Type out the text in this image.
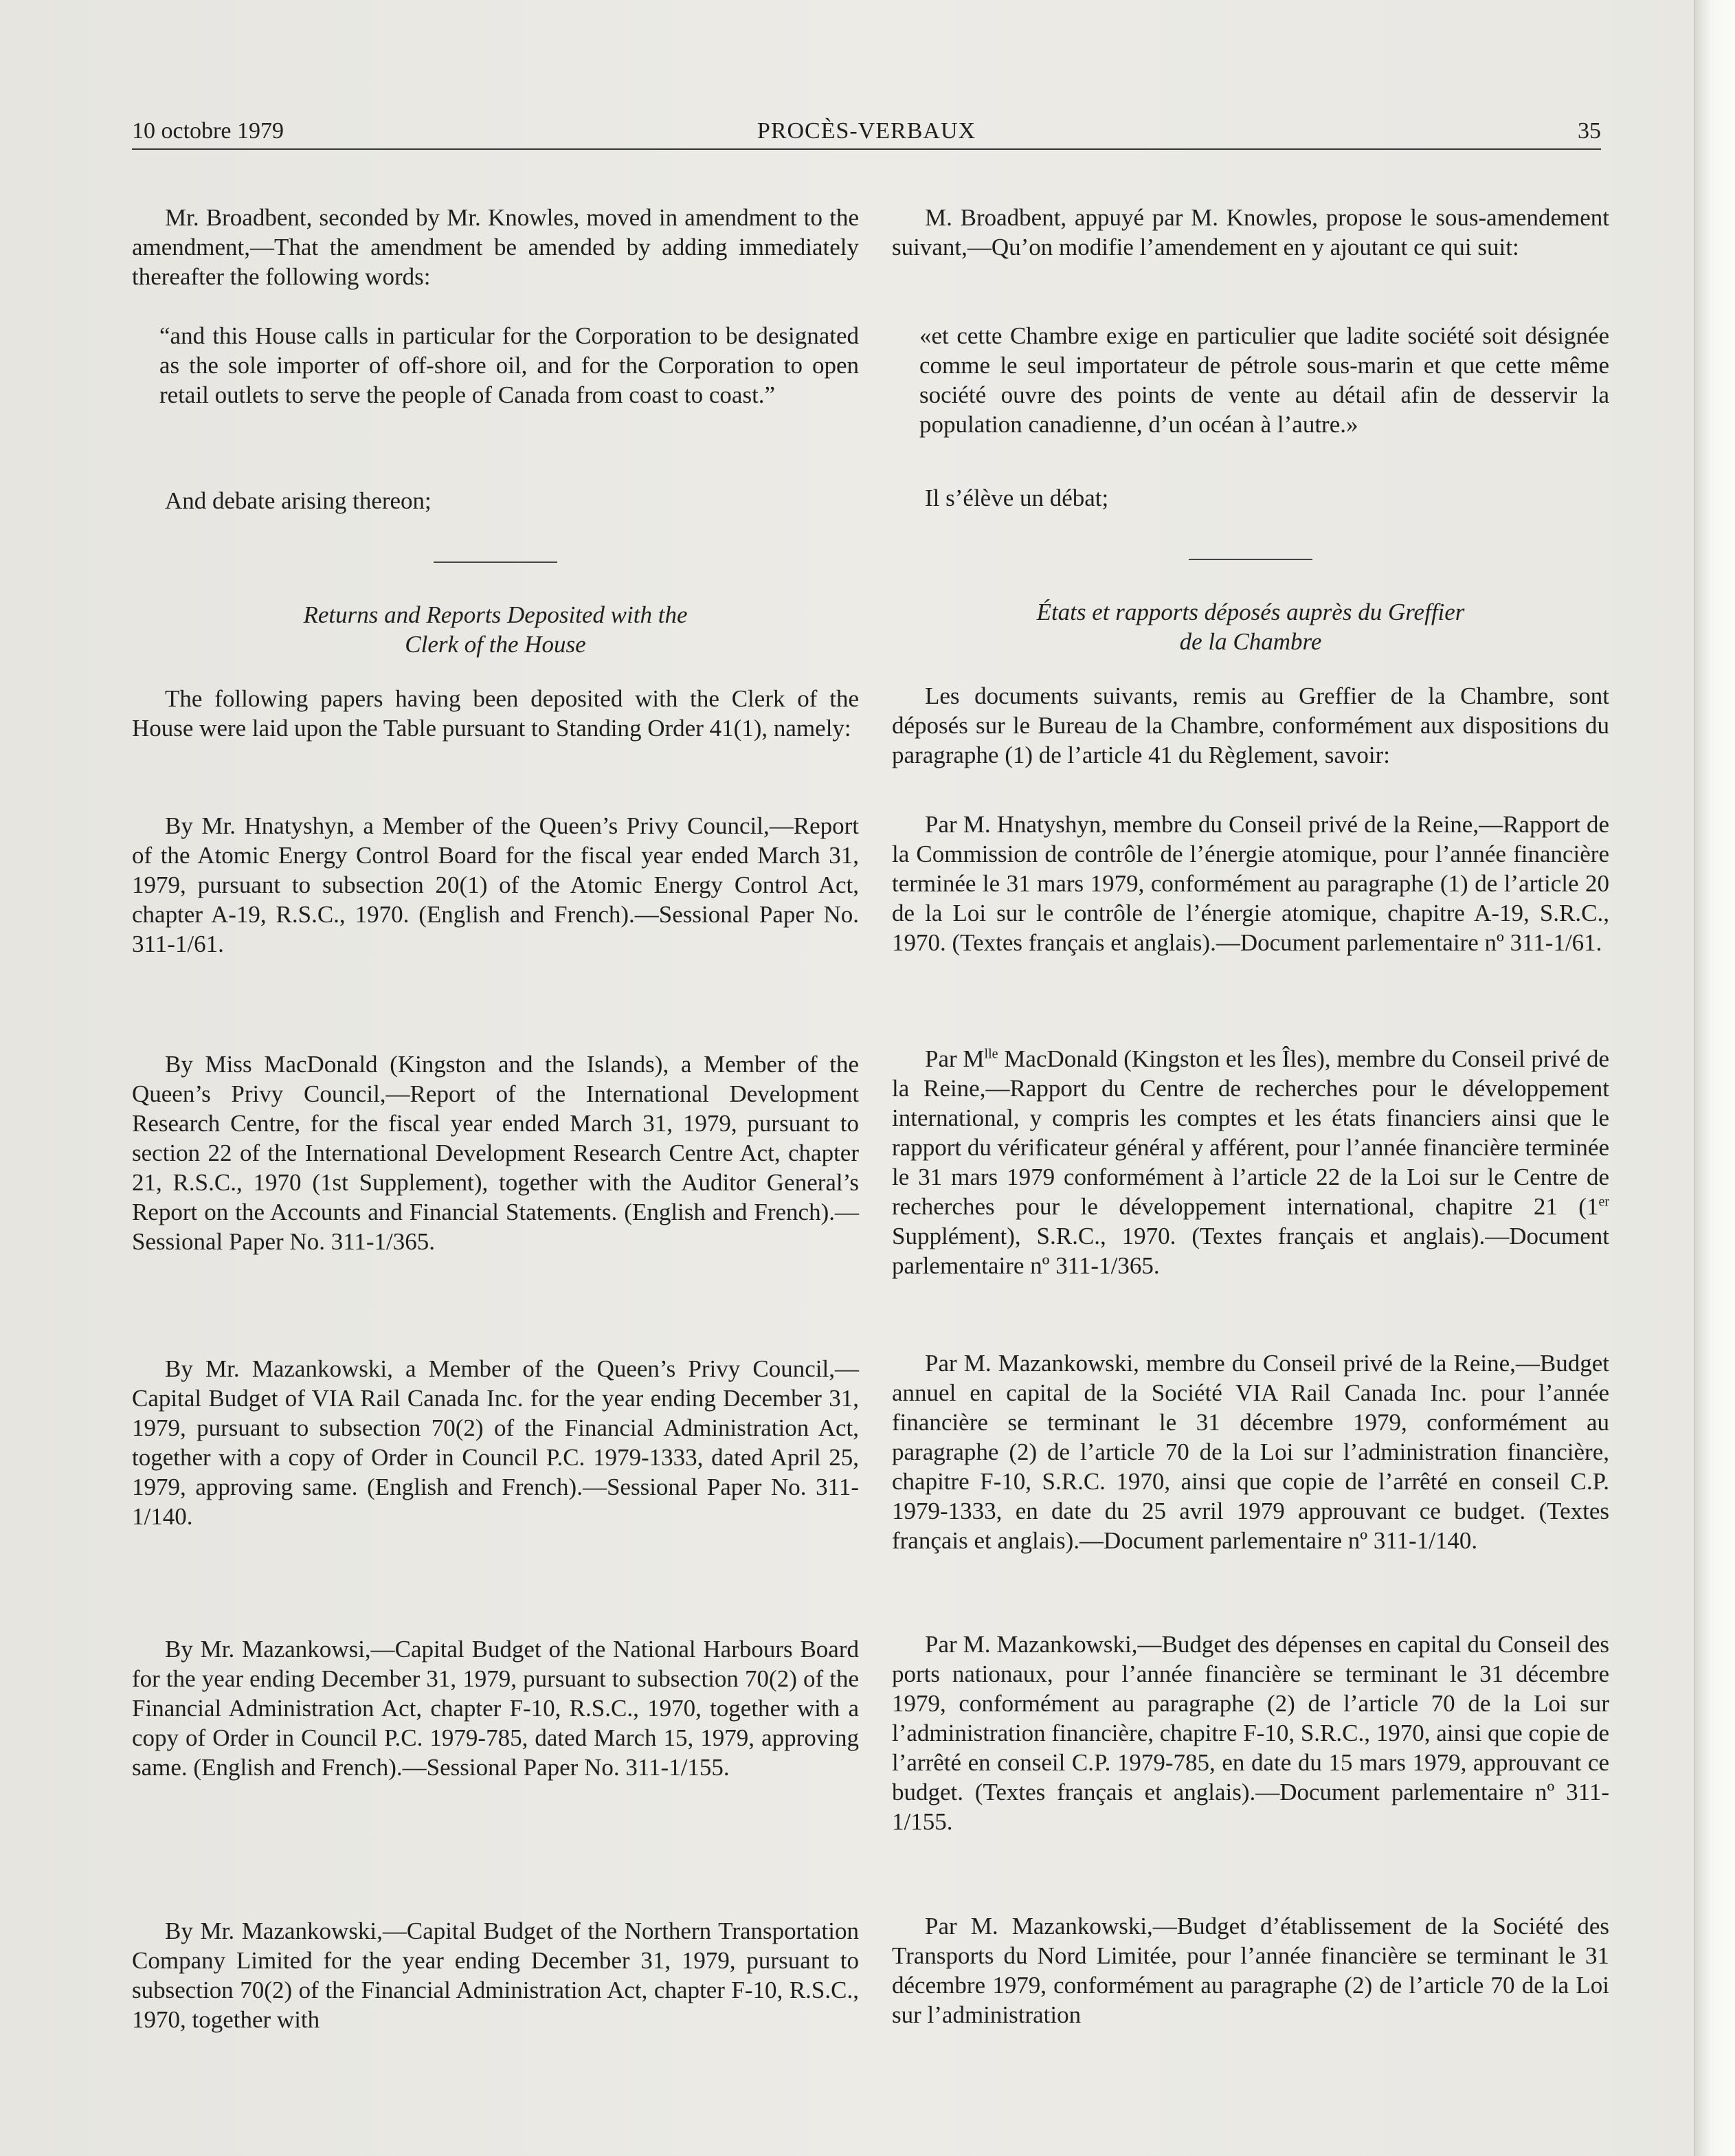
10 octobre 1979	PROCÈS-VERBAUX	35

Mr. Broadbent, seconded by Mr. Knowles, moved in amendment to the amendment,—That the amendment be amended by adding immediately thereafter the following words:

“and this House calls in particular for the Corporation to be designated as the sole importer of off-shore oil, and for the Corporation to open retail outlets to serve the people of Canada from coast to coast.”

And debate arising thereon;

Returns and Reports Deposited with the

Clerk of the House

The following papers having been deposited with the Clerk of the House were laid upon the Table pursuant to Standing Order 41(1), namely:

By Mr. Hnatyshyn, a Member of the Queen’s Privy Council,—Report of the Atomic Energy Control Board for the fiscal year ended March 31, 1979, pursuant to subsection 20(1) of the Atomic Energy Control Act, chapter A-19, R.S.C., 1970. (English and French).—Sessional Paper No. 311-1/61.

By Miss MacDonald (Kingston and the Islands), a Member of the Queen’s Privy Council,—Report of the International Development Research Centre, for the fiscal year ended March 31, 1979, pursuant to section 22 of the International Development Research Centre Act, chapter 21, R.S.C., 1970 (1st Supplement), together with the Auditor General’s Report on the Accounts and Financial Statements. (English and French).—Sessional Paper No. 311-1/365.

By Mr. Mazankowski, a Member of the Queen’s Privy Council,—Capital Budget of VIA Rail Canada Inc. for the year ending December 31, 1979, pursuant to subsection 70(2) of the Financial Administration Act, together with a copy of Order in Council P.C. 1979-1333, dated April 25, 1979, approving same. (English and French).—Sessional Paper No. 311-1/140.

By Mr. Mazankowsi,—Capital Budget of the National Harbours Board for the year ending December 31, 1979, pursuant to subsection 70(2) of the Financial Administration Act, chapter F-10, R.S.C., 1970, together with a copy of Order in Council P.C. 1979-785, dated March 15, 1979, approving same. (English and French).—Sessional Paper No. 311-1/155.

By Mr. Mazankowski,—Capital Budget of the Northern Transportation Company Limited for the year ending December 31, 1979, pursuant to subsection 70(2) of the Financial Administration Act, chapter F-10, R.S.C., 1970, together with

M. Broadbent, appuyé par M. Knowles, propose le sous-amendement suivant,—Qu’on modifie l’amendement en y ajoutant ce qui suit:

«et cette Chambre exige en particulier que ladite société soit désignée comme le seul importateur de pétrole sous-marin et que cette même société ouvre des points de vente au détail afin de desservir la population canadienne, d’un océan à l’autre.»

Il s’élève un débat;

États et rapports déposés auprès du Greffier

de la Chambre

Les documents suivants, remis au Greffier de la Chambre, sont déposés sur le Bureau de la Chambre, conformément aux dispositions du paragraphe (1) de l’article 41 du Règlement, savoir:

Par M. Hnatyshyn, membre du Conseil privé de la Reine,—Rapport de la Commission de contrôle de l’énergie atomique, pour l’année financière terminée le 31 mars 1979, conformément au paragraphe (1) de l’article 20 de la Loi sur le contrôle de l’énergie atomique, chapitre A-19, S.R.C., 1970. (Textes français et anglais).—Document parlementaire nº 311-1/61.

Par $M^{lle}$ MacDonald (Kingston et les Îles), membre du Conseil privé de la Reine,—Rapport du Centre de recherches pour le développement international, y compris les comptes et les états financiers ainsi que le rapport du vérificateur général y afférent, pour l’année financière terminée le 31 mars 1979 conformément à l’article 22 de la Loi sur le Centre de recherches pour le développement international, chapitre 21 (1er Supplément), S.R.C., 1970. (Textes français et anglais).—Document parlementaire nº 311-1/365.

Par M. Mazankowski, membre du Conseil privé de la Reine,—Budget annuel en capital de la Société VIA Rail Canada Inc. pour l’année financière se terminant le 31 décembre 1979, conformément au paragraphe (2) de l’article 70 de la Loi sur l’administration financière, chapitre F-10, S.R.C. 1970, ainsi que copie de l’arrêté en conseil C.P. 1979-1333, en date du 25 avril 1979 approuvant ce budget. (Textes français et anglais).—Document parlementaire nº 311-1/140.

Par M. Mazankowski,—Budget des dépenses en capital du Conseil des ports nationaux, pour l’année financière se terminant le 31 décembre 1979, conformément au paragraphe (2) de l’article 70 de la Loi sur l’administration financière, chapitre F-10, S.R.C., 1970, ainsi que copie de l’arrêté en conseil C.P. 1979-785, en date du 15 mars 1979, approuvant ce budget. (Textes français et anglais).—Document parlementaire nº 311-1/155.

Par M. Mazankowski,—Budget d’établissement de la Société des Transports du Nord Limitée, pour l’année financière se terminant le 31 décembre 1979, conformément au paragraphe (2) de l’article 70 de la Loi sur l’administration
